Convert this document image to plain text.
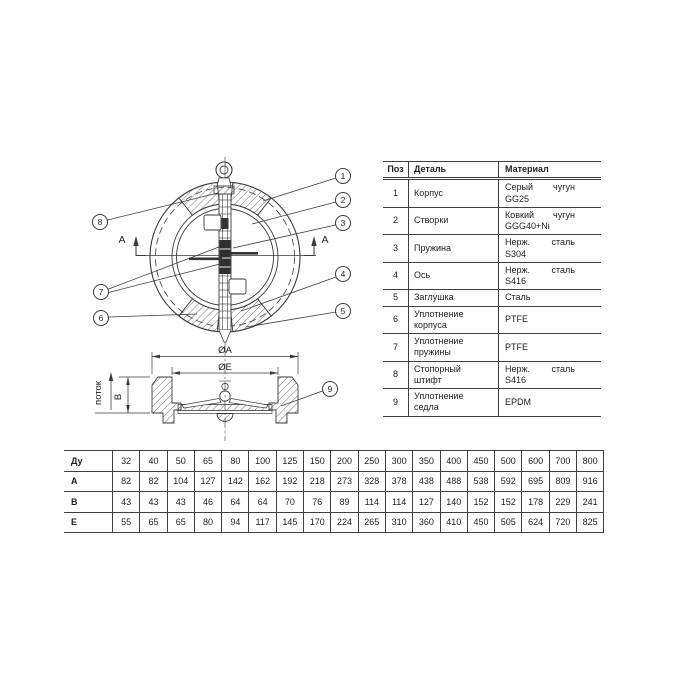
A	A
ØA
ØE
B
поток
1
2
3
4
5
6
7
8
9
Поз	Деталь	Материал
1	Корпус	Серый чугун GG25

2	Створки	Ковкий чугун GGG40+Ni

3	Пружина	Нерж. сталь S304

4	Ось	Нерж. сталь S416

5	Заглушка	Сталь

6	Уплотнение корпуса	PTFE

7	Уплотнение пружины	PTFE

8	Стопорный штифт	Нерж. сталь S416

9	Уплотнение седла	EPDM
Ду	32	40	50	65	80	100	125	150	200	250	300	350	400	450	500	600	700	800
A	82	82	104	127	142	162	192	218	273	328	378	438	488	538	592	695	809	916
B	43	43	43	46	64	64	70	76	89	114	114	127	140	152	152	178	229	241
E	55	65	65	80	94	117	145	170	224	265	310	360	410	450	505	624	720	825
